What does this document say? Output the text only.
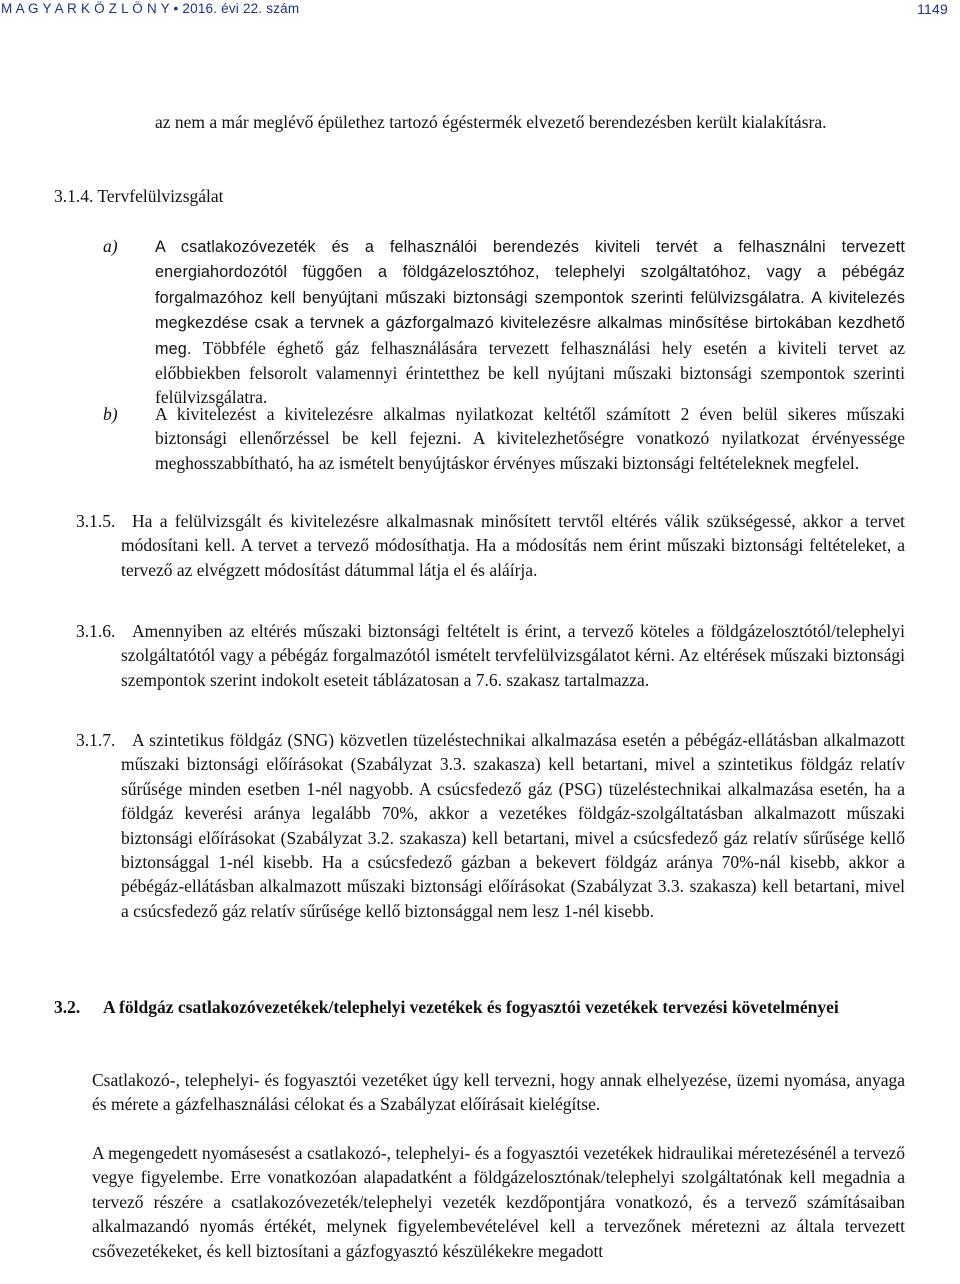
M A G Y A R K Ö Z L Ö N Y • 2016. évi 22. szám	1149

az nem a már meglévő épülethez tartozó égéstermék elvezető berendezésben került kialakításra.

3.1.4. Tervfelülvizsgálat
a) A csatlakozóvezeték és a felhasználói berendezés kiviteli tervét a felhasználni tervezett energiahordozótól függően a földgázelosztóhoz, telephelyi szolgáltatóhoz, vagy a pébégáz forgalmazóhoz kell benyújtani műszaki biztonsági szempontok szerinti felülvizsgálatra. A kivitelezés megkezdése csak a tervnek a gázforgalmazó kivitelezésre alkalmas minősítése birtokában kezdhető meg. Többféle éghető gáz felhasználására tervezett felhasználási hely esetén a kiviteli tervet az előbbiekben felsorolt valamennyi érintetthez be kell nyújtani műszaki biztonsági szempontok szerinti felülvizsgálatra.
b) A kivitelezést a kivitelezésre alkalmas nyilatkozat keltétől számított 2 éven belül sikeres műszaki biztonsági ellenőrzéssel be kell fejezni. A kivitelezhetőségre vonatkozó nyilatkozat érvényessége meghosszabbítható, ha az ismételt benyújtáskor érvényes műszaki biztonsági feltételeknek megfelel.

3.1.5. Ha a felülvizsgált és kivitelezésre alkalmasnak minősített tervtől eltérés válik szükségessé, akkor a tervet módosítani kell. A tervet a tervező módosíthatja. Ha a módosítás nem érint műszaki biztonsági feltételeket, a tervező az elvégzett módosítást dátummal látja el és aláírja.

3.1.6. Amennyiben az eltérés műszaki biztonsági feltételt is érint, a tervező köteles a földgázelosztótól/telephelyi szolgáltatótól vagy a pébégáz forgalmazótól ismételt tervfelülvizsgálatot kérni. Az eltérések műszaki biztonsági szempontok szerint indokolt eseteit táblázatosan a 7.6. szakasz tartalmazza.

3.1.7. A szintetikus földgáz (SNG) közvetlen tüzeléstechnikai alkalmazása esetén a pébégáz-ellátásban alkalmazott műszaki biztonsági előírásokat (Szabályzat 3.3. szakasza) kell betartani, mivel a szintetikus földgáz relatív sűrűsége minden esetben 1-nél nagyobb. A csúcsfedező gáz (PSG) tüzeléstechnikai alkalmazása esetén, ha a földgáz keverési aránya legalább 70%, akkor a vezetékes földgáz-szolgáltatásban alkalmazott műszaki biztonsági előírásokat (Szabályzat 3.2. szakasza) kell betartani, mivel a csúcsfedező gáz relatív sűrűsége kellő biztonsággal 1-nél kisebb. Ha a csúcsfedező gázban a bekevert földgáz aránya 70%-nál kisebb, akkor a pébégáz-ellátásban alkalmazott műszaki biztonsági előírásokat (Szabályzat 3.3. szakasza) kell betartani, mivel a csúcsfedező gáz relatív sűrűsége kellő biztonsággal nem lesz 1-nél kisebb.

3.2.	A földgáz csatlakozóvezetékek/telephelyi vezetékek és fogyasztói vezetékek tervezési követelményei

Csatlakozó-, telephelyi- és fogyasztói vezetéket úgy kell tervezni, hogy annak elhelyezése, üzemi nyomása, anyaga és mérete a gázfelhasználási célokat és a Szabályzat előírásait kielégítse.

A megengedett nyomásesést a csatlakozó-, telephelyi- és a fogyasztói vezetékek hidraulikai méretezésénél a tervező vegye figyelembe. Erre vonatkozóan alapadatként a földgázelosztónak/telephelyi szolgáltatónak kell megadnia a tervező részére a csatlakozóvezeték/telephelyi vezeték kezdőpontjára vonatkozó, és a tervező számításaiban alkalmazandó nyomás értékét, melynek figyelembevételével kell a tervezőnek méretezni az általa tervezett csővezetékeket, és kell biztosítani a gázfogyasztó készülékekre megadott
